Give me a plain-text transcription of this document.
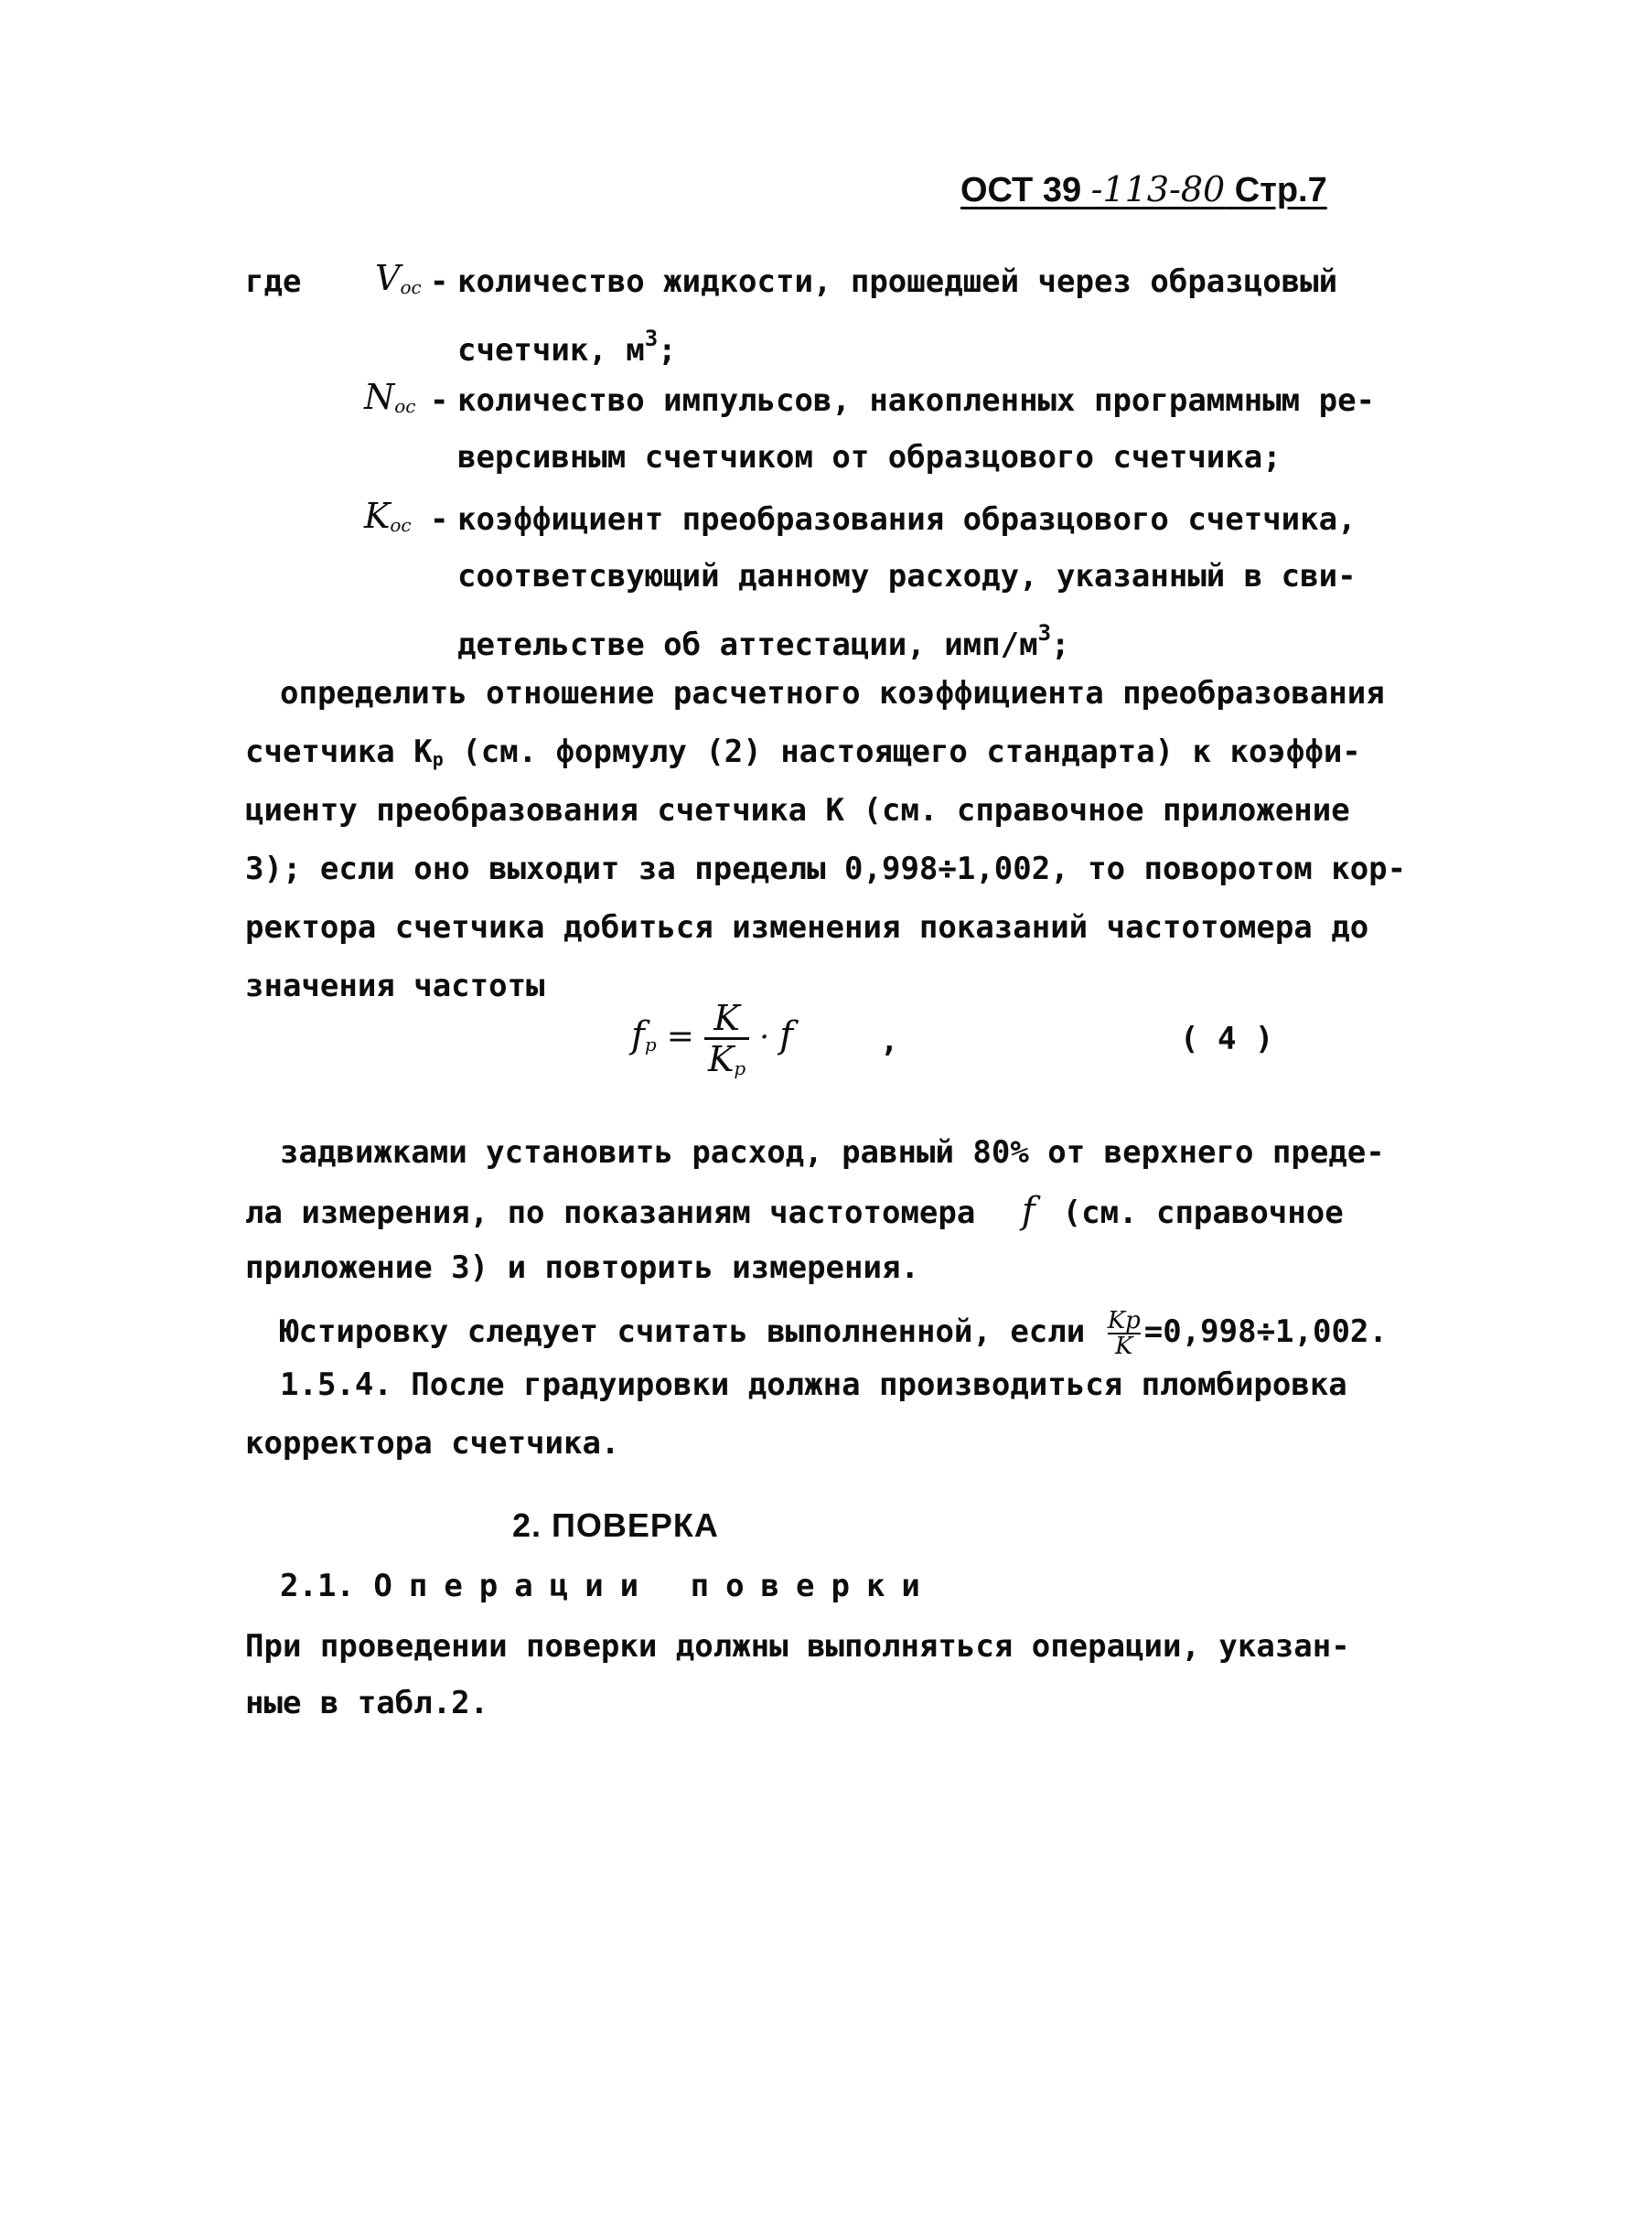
ОСТ 39 -113-80 Стр.7
где $V_{ос}$ - количество жидкости, прошедшей через образцовый
счетчик, $м^3$;
$N_{ос}$ - количество импульсов, накопленных программным ре-
версивным счетчиком от образцового счетчика;
$K_{ос}$ - коэффициент преобразования образцового счетчика,
соответсвующий данному расходу, указанный в сви-
детельстве об аттестации, имп/$м^3$;
определить отношение расчетного коэффициента преобразования
счетчика $К_р$ (см. формулу (2) настоящего стандарта) к коэффи-
циенту преобразования счетчика К (см. справочное приложение
3); если оно выходит за пределы 0,998÷1,002, то поворотом кор-
ректора счетчика добиться изменения показаний частотомера до
значения частоты
$f_p = \frac{K}{K_p} \cdot f$	,	( 4 )
задвижками установить расход, равный 80% от верхнего преде-
ла измерения, по показаниям частотомера f (см. справочное
приложение 3) и повторить измерения.
Юстировку следует считать выполненной, если $\frac{Kр}{K} =0,998\div 1,002$.
1.5.4. После градуировки должна производиться пломбировка
корректора счетчика.
2. ПОВЕРКА
2.1. Операции поверки
При проведении поверки должны выполняться операции, указан-
ные в табл.2.
